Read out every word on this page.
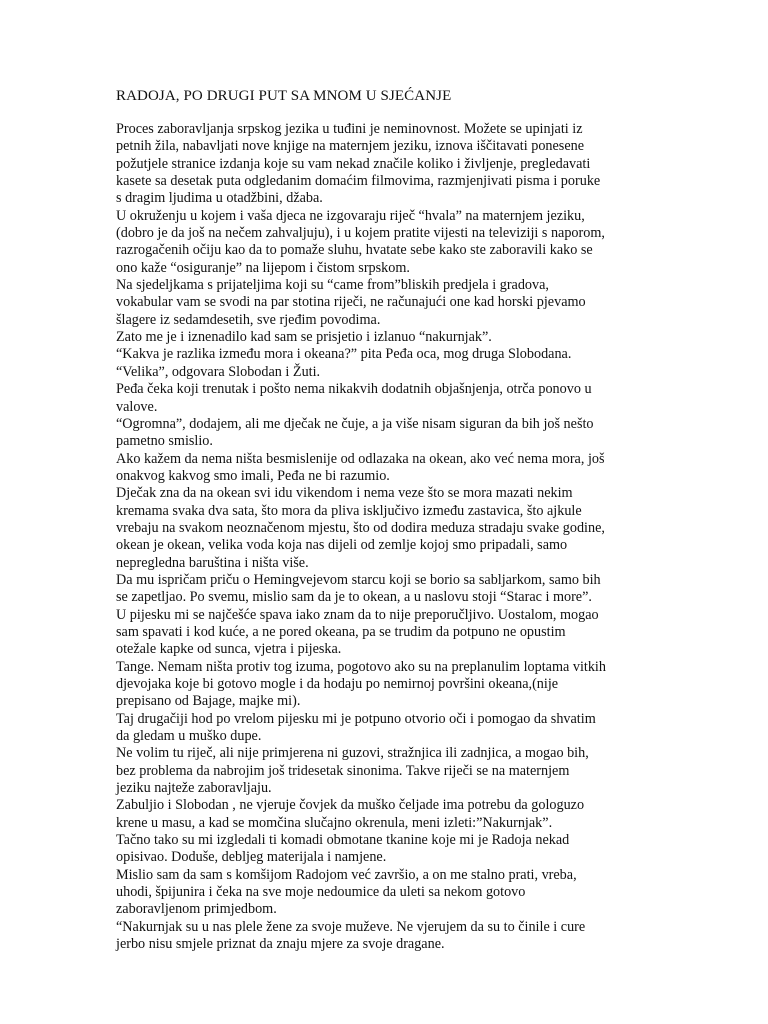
RADOJA, PO DRUGI PUT SA MNOM U SJEĆANJE
Proces zaboravljanja srpskog jezika u tuđini je neminovnost. Možete se upinjati iz
petnih žila, nabavljati nove knjige na maternjem jeziku, iznova iščitavati ponesene
požutjele stranice izdanja koje su vam nekad značile koliko i življenje, pregledavati
kasete sa desetak puta odgledanim domaćim filmovima, razmjenjivati pisma i poruke
s dragim ljudima u otadžbini, džaba.
U okruženju u kojem i vaša djeca ne izgovaraju riječ “hvala” na maternjem jeziku,
(dobro je da još na nečem zahvaljuju), i u kojem pratite vijesti na televiziji s naporom,
razrogačenih očiju kao da to pomaže sluhu, hvatate sebe kako ste zaboravili kako se
ono kaže “osiguranje” na lijepom i čistom srpskom.
Na sjedeljkama s prijateljima koji su “came from”bliskih predjela i gradova,
vokabular vam se svodi na par stotina riječi, ne računajući one kad horski pjevamo
šlagere iz sedamdesetih, sve rjeđim povodima.
Zato me je i iznenadilo kad sam se prisjetio i izlanuo “nakurnjak”.
“Kakva je razlika između mora i okeana?” pita Peđa oca, mog druga Slobodana.
“Velika”, odgovara Slobodan i Žuti.
Peđa čeka koji trenutak i pošto nema nikakvih dodatnih objašnjenja, otrča ponovo u
valove.
“Ogromna”, dodajem, ali me dječak ne čuje, a ja više nisam siguran da bih još nešto
pametno smislio.
Ako kažem da nema ništa besmislenije od odlazaka na okean, ako već nema mora, još
onakvog kakvog smo imali, Peđa ne bi razumio.
Dječak zna da na okean svi idu vikendom i nema veze što se mora mazati nekim
kremama svaka dva sata, što mora da pliva isključivo između zastavica, što ajkule
vrebaju na svakom neoznačenom mjestu, što od dodira meduza stradaju svake godine,
okean je okean, velika voda koja nas dijeli od zemlje kojoj smo pripadali, samo
nepregledna baruština i ništa više.
Da mu ispričam priču o Hemingvejevom starcu koji se borio sa sabljarkom, samo bih
se zapetljao. Po svemu, mislio sam da je to okean, a u naslovu stoji “Starac i more”.
U pijesku mi se najčešće spava iako znam da to nije preporučljivo. Uostalom, mogao
sam spavati i kod kuće, a ne pored okeana, pa se trudim da potpuno ne opustim
otežale kapke od sunca, vjetra i pijeska.
Tange. Nemam ništa protiv tog izuma, pogotovo ako su na preplanulim loptama vitkih
djevojaka koje bi gotovo mogle i da hodaju po nemirnoj površini okeana,(nije
prepisano od Bajage, majke mi).
Taj drugačiji hod po vrelom pijesku mi je potpuno otvorio oči i pomogao da shvatim
da gledam u muško dupe.
Ne volim tu riječ, ali nije primjerena ni guzovi, stražnjica ili zadnjica, a mogao bih,
bez problema da nabrojim još tridesetak sinonima. Takve riječi se na maternjem
jeziku najteže zaboravljaju.
Zabuljio i Slobodan , ne vjeruje čovjek da muško čeljade ima potrebu da gologuzo
krene u masu, a kad se momčina slučajno okrenula, meni izleti:”Nakurnjak”.
Tačno tako su mi izgledali ti komadi obmotane tkanine koje mi je Radoja nekad
opisivao. Doduše, debljeg materijala i namjene.
Mislio sam da sam s komšijom Radojom već završio, a on me stalno prati, vreba,
uhodi, špijunira i čeka na sve moje nedoumice da uleti sa nekom gotovo
zaboravljenom primjedbom.
“Nakurnjak su u nas plele žene za svoje muževe. Ne vjerujem da su to činile i cure
jerbo nisu smjele priznat da znaju mjere za svoje dragane.
